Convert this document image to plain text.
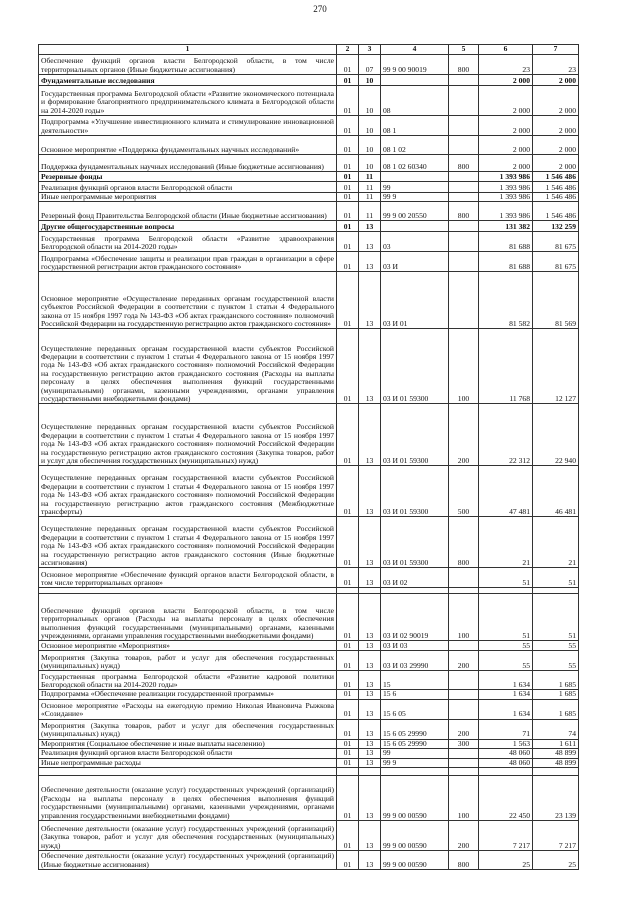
270
1	2	3	4	5	6	7
Обеспечение функций органов власти Белгородской области, в том числе территориальных органов (Иные бюджетные ассигнования)	01	07	99 9 00 90019	800	23	23
Фундаментальные исследования	01	10			2 000	2 000
Государственная программа Белгородской области «Развитие экономического потенциала и формирование благоприятного предпринимательского климата в Белгородской области на 2014-2020 годы»	01	10	08		2 000	2 000
Подпрограмма «Улучшение инвестиционного климата и стимулирование инновационной деятельности»	01	10	08 1		2 000	2 000
Основное мероприятие «Поддержка фундаментальных научных исследований»	01	10	08 1 02		2 000	2 000
Поддержка фундаментальных научных исследований (Иные бюджетные ассигнования)	01	10	08 1 02 60340	800	2 000	2 000
Резервные фонды	01	11			1 393 986	1 546 486
Реализация функций органов власти Белгородской области	01	11	99		1 393 986	1 546 486
Иные непрограммные мероприятия	01	11	99 9		1 393 986	1 546 486
Резервный фонд Правительства Белгородской области (Иные бюджетные ассигнования)	01	11	99 9 00 20550	800	1 393 986	1 546 486
Другие общегосударственные вопросы	01	13			131 382	132 259
Государственная программа Белгородской области «Развитие здравоохранения Белгородской области на 2014-2020 годы»	01	13	03		81 688	81 675
Подпрограмма «Обеспечение защиты и реализации прав граждан в организации в сфере государственной регистрации актов гражданского состояния»	01	13	03 И		81 688	81 675
Основное мероприятие «Осуществление переданных органам государственной власти субъектов Российской Федерации в соответствии с пунктом 1 статьи 4 Федерального закона от 15 ноября 1997 года № 143-ФЗ «Об актах гражданского состояния» полномочий Российской Федерации на государственную регистрацию актов гражданского состояния»	01	13	03 И 01		81 582	81 569
Осуществление переданных органам государственной власти субъектов Российской Федерации в соответствии с пунктом 1 статьи 4 Федерального закона от 15 ноября 1997 года № 143-ФЗ «Об актах гражданского состояния» полномочий Российской Федерации на государственную регистрацию актов гражданского состояния (Расходы на выплаты персоналу в целях обеспечения выполнения функций государственными (муниципальными) органами, казенными учреждениями, органами управления государственными внебюджетными фондами)	01	13	03 И 01 59300	100	11 768	12 127
Осуществление переданных органам государственной власти субъектов Российской Федерации в соответствии с пунктом 1 статьи 4 Федерального закона от 15 ноября 1997 года № 143-ФЗ «Об актах гражданского состояния» полномочий Российской Федерации на государственную регистрацию актов гражданского состояния (Закупка товаров, работ и услуг для обеспечения государственных (муниципальных) нужд)	01	13	03 И 01 59300	200	22 312	22 940
Осуществление переданных органам государственной власти субъектов Российской Федерации в соответствии с пунктом 1 статьи 4 Федерального закона от 15 ноября 1997 года № 143-ФЗ «Об актах гражданского состояния» полномочий Российской Федерации на государственную регистрацию актов гражданского состояния (Межбюджетные трансферты)	01	13	03 И 01 59300	500	47 481	46 481
Осуществление переданных органам государственной власти субъектов Российской Федерации в соответствии с пунктом 1 статьи 4 Федерального закона от 15 ноября 1997 года № 143-ФЗ «Об актах гражданского состояния» полномочий Российской Федерации на государственную регистрацию актов гражданского состояния (Иные бюджетные ассигнования)	01	13	03 И 01 59300	800	21	21
Основное мероприятие «Обеспечение функций органов власти Белгородской области, в том числе территориальных органов»	01	13	03 И 02		51	51

Обеспечение функций органов власти Белгородской области, в том числе территориальных органов (Расходы на выплаты персоналу в целях обеспечения выполнения функций государственными (муниципальными) органами, казенными учреждениями, органами управления государственными внебюджетными фондами)	01	13	03 И 02 90019	100	51	51
Основное мероприятие «Мероприятия»	01	13	03 И 03		55	55
Мероприятия (Закупка товаров, работ и услуг для обеспечения государственных (муниципальных) нужд)	01	13	03 И 03 29990	200	55	55
Государственная программа Белгородской области «Развитие кадровой политики Белгородской области на 2014-2020 годы»	01	13	15		1 634	1 685
Подпрограмма «Обеспечение реализации государственной программы»	01	13	15 6		1 634	1 685
Основное мероприятие «Расходы на ежегодную премию Николая Ивановича Рыжкова «Созидание»	01	13	15 6 05		1 634	1 685
Мероприятия (Закупка товаров, работ и услуг для обеспечения государственных (муниципальных) нужд)	01	13	15 6 05 29990	200	71	74
Мероприятия (Социальное обеспечение и иные выплаты населению)	01	13	15 6 05 29990	300	1 563	1 611
Реализация функций органов власти Белгородской области	01	13	99		48 060	48 899
Иные непрограммные расходы	01	13	99 9		48 060	48 899

Обеспечение деятельности (оказание услуг) государственных учреждений (организаций) (Расходы на выплаты персоналу в целях обеспечения выполнения функций государственными (муниципальными) органами, казенными учреждениями, органами управления государственными внебюджетными фондами)	01	13	99 9 00 00590	100	22 450	23 139
Обеспечение деятельности (оказание услуг) государственных учреждений (организаций) (Закупка товаров, работ и услуг для обеспечения государственных (муниципальных) нужд)	01	13	99 9 00 00590	200	7 217	7 217
Обеспечение деятельности (оказание услуг) государственных учреждений (организаций) (Иные бюджетные ассигнования)	01	13	99 9 00 00590	800	25	25
